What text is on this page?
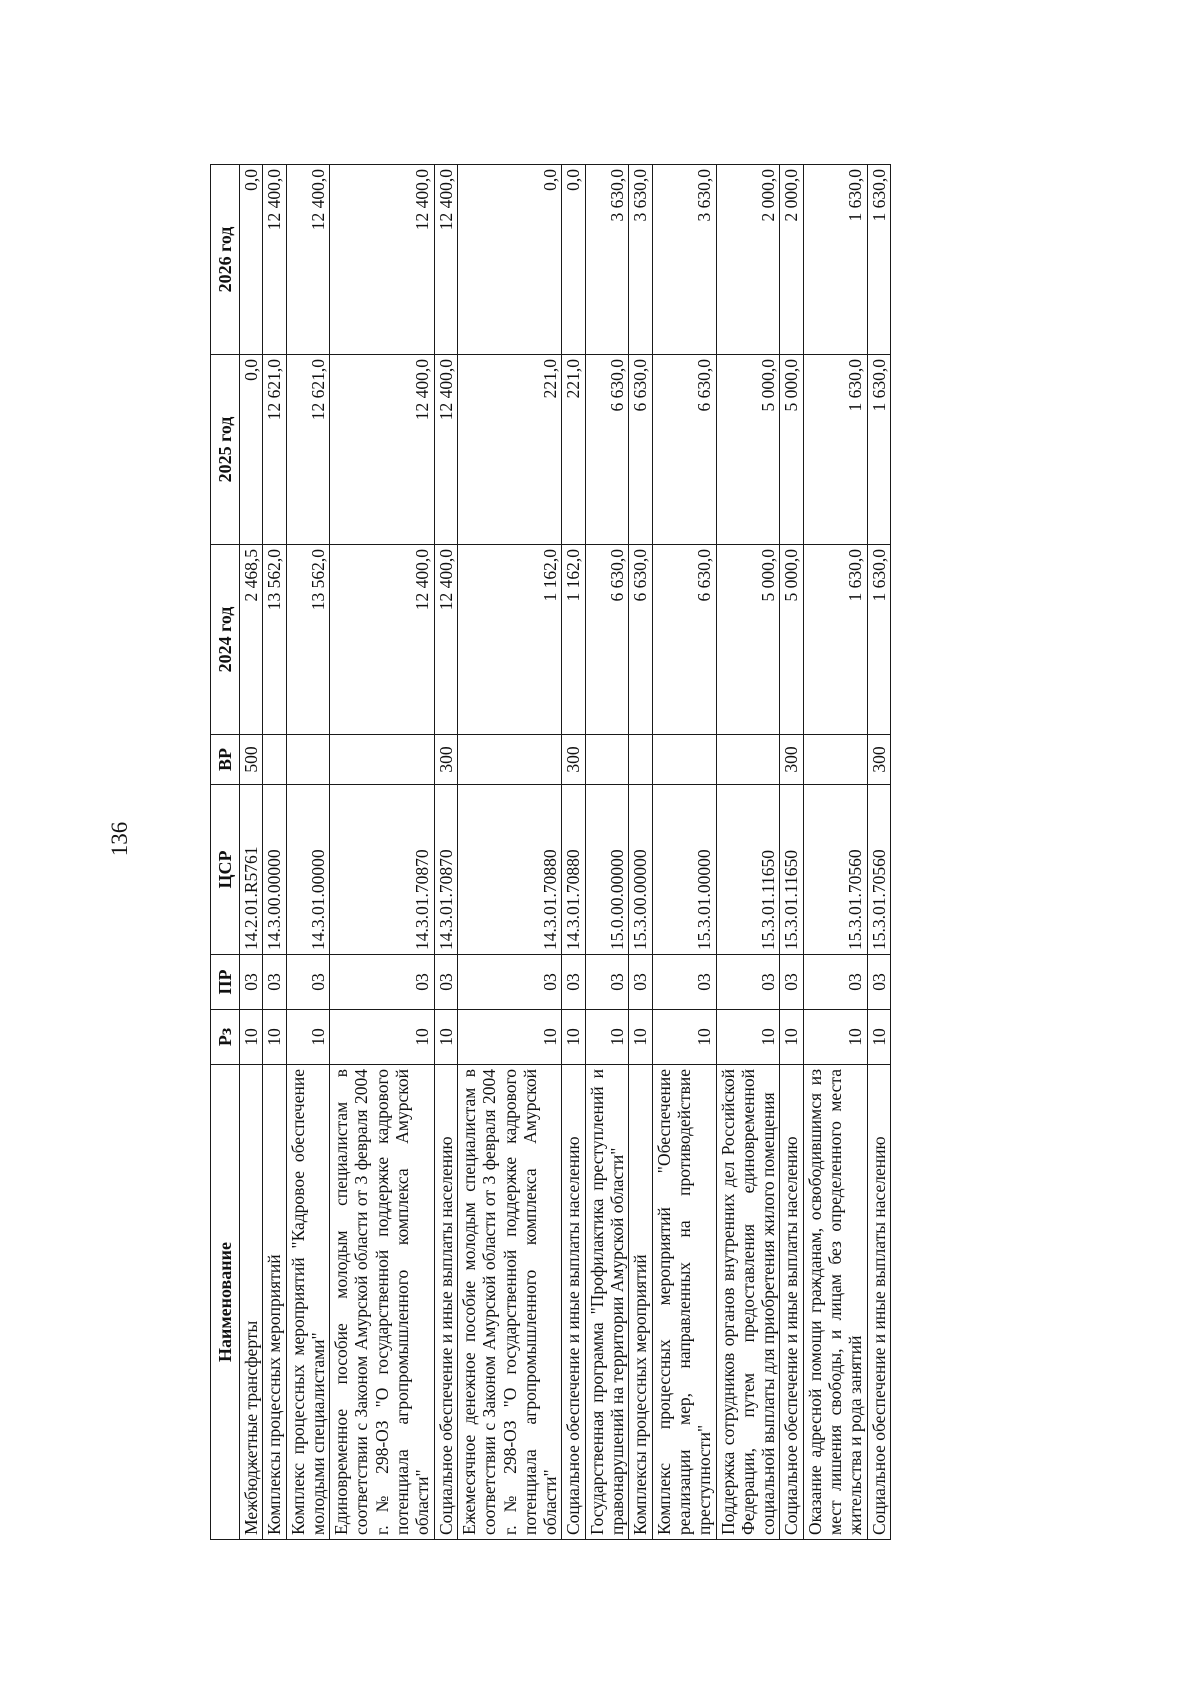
136
Наименование	Рз	ПР	ЦСР	ВР	2024 год	2025 год	2026 год
Межбюджетные трансферты	10	03	14.2.01.R5761	500	2 468,5	0,0	0,0
Комплексы процессных мероприятий	10	03	14.3.00.00000		13 562,0	12 621,0	12 400,0
Комплекс процессных мероприятий "Кадровое обеспечение молодыми специалистами"	10	03	14.3.01.00000		13 562,0	12 621,0	12 400,0
Единовременное пособие молодым специалистам в соответствии с Законом Амурской области от 3 февраля 2004 г. № 298-ОЗ "О государственной поддержке кадрового потенциала агропромышленного комплекса Амурской области"	10	03	14.3.01.70870		12 400,0	12 400,0	12 400,0
Социальное обеспечение и иные выплаты населению	10	03	14.3.01.70870	300	12 400,0	12 400,0	12 400,0
Ежемесячное денежное пособие молодым специалистам в соответствии с Законом Амурской области от 3 февраля 2004 г. № 298-ОЗ "О государственной поддержке кадрового потенциала агропромышленного комплекса Амурской области"	10	03	14.3.01.70880		1 162,0	221,0	0,0
Социальное обеспечение и иные выплаты населению	10	03	14.3.01.70880	300	1 162,0	221,0	0,0
Государственная программа "Профилактика преступлений и правонарушений на территории Амурской области"	10	03	15.0.00.00000		6 630,0	6 630,0	3 630,0
Комплексы процессных мероприятий	10	03	15.3.00.00000		6 630,0	6 630,0	3 630,0
Комплекс процессных мероприятий "Обеспечение реализации мер, направленных на противодействие преступности"	10	03	15.3.01.00000		6 630,0	6 630,0	3 630,0
Поддержка сотрудников органов внутренних дел Российской Федерации, путем предоставления единовременной социальной выплаты для приобретения жилого помещения	10	03	15.3.01.11650		5 000,0	5 000,0	2 000,0
Социальное обеспечение и иные выплаты населению	10	03	15.3.01.11650	300	5 000,0	5 000,0	2 000,0
Оказание адресной помощи гражданам, освободившимся из мест лишения свободы, и лицам без определенного места жительства и рода занятий	10	03	15.3.01.70560		1 630,0	1 630,0	1 630,0
Социальное обеспечение и иные выплаты населению	10	03	15.3.01.70560	300	1 630,0	1 630,0	1 630,0
